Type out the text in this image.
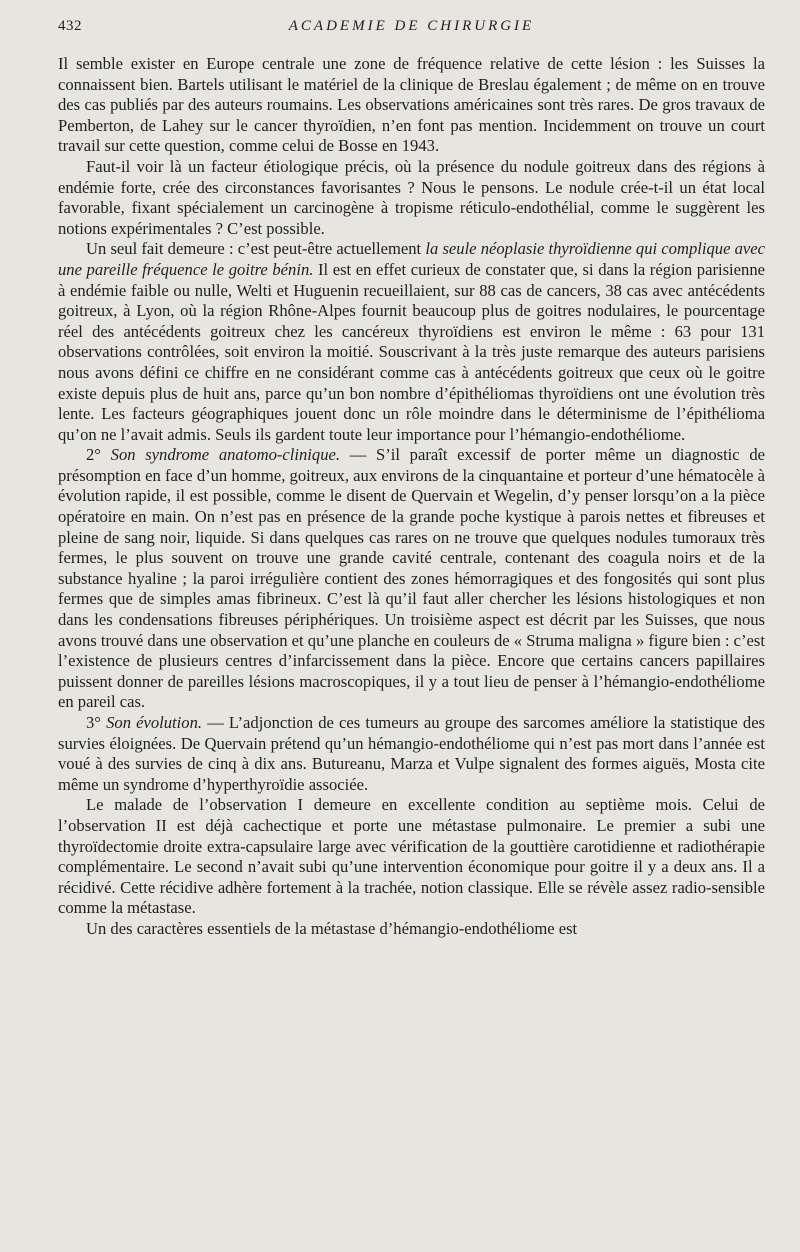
432	ACADEMIE DE CHIRURGIE

Il semble exister en Europe centrale une zone de fréquence relative de cette lésion : les Suisses la connaissent bien. Bartels utilisant le matériel de la clinique de Breslau également ; de même on en trouve des cas publiés par des auteurs roumains. Les observations américaines sont très rares. De gros travaux de Pemberton, de Lahey sur le cancer thyroïdien, n’en font pas mention. Incidemment on trouve un court travail sur cette question, comme celui de Bosse en 1943.

Faut-il voir là un facteur étiologique précis, où la présence du nodule goitreux dans des régions à endémie forte, crée des circonstances favorisantes ? Nous le pensons. Le nodule crée-t-il un état local favorable, fixant spécialement un carcinogène à tropisme réticulo-endothélial, comme le suggèrent les notions expérimentales ? C’est possible.

Un seul fait demeure : c’est peut-être actuellement la seule néoplasie thyroïdienne qui complique avec une pareille fréquence le goitre bénin. Il est en effet curieux de constater que, si dans la région parisienne à endémie faible ou nulle, Welti et Huguenin recueillaient, sur 88 cas de cancers, 38 cas avec antécédents goitreux, à Lyon, où la région Rhône-Alpes fournit beaucoup plus de goitres nodulaires, le pourcentage réel des antécédents goitreux chez les cancéreux thyroïdiens est environ le même : 63 pour 131 observations contrôlées, soit environ la moitié. Souscrivant à la très juste remarque des auteurs parisiens nous avons défini ce chiffre en ne considérant comme cas à antécédents goitreux que ceux où le goitre existe depuis plus de huit ans, parce qu’un bon nombre d’épithéliomas thyroïdiens ont une évolution très lente. Les facteurs géographiques jouent donc un rôle moindre dans le déterminisme de l’épithélioma qu’on ne l’avait admis. Seuls ils gardent toute leur importance pour l’hémangio-endothéliome.

2° Son syndrome anatomo-clinique. — S’il paraît excessif de porter même un diagnostic de présomption en face d’un homme, goitreux, aux environs de la cinquantaine et porteur d’une hématocèle à évolution rapide, il est possible, comme le disent de Quervain et Wegelin, d’y penser lorsqu’on a la pièce opératoire en main. On n’est pas en présence de la grande poche kystique à parois nettes et fibreuses et pleine de sang noir, liquide. Si dans quelques cas rares on ne trouve que quelques nodules tumoraux très fermes, le plus souvent on trouve une grande cavité centrale, contenant des coagula noirs et de la substance hyaline ; la paroi irrégulière contient des zones hémorragiques et des fongosités qui sont plus fermes que de simples amas fibrineux. C’est là qu’il faut aller chercher les lésions histologiques et non dans les condensations fibreuses périphériques. Un troisième aspect est décrit par les Suisses, que nous avons trouvé dans une observation et qu’une planche en couleurs de « Struma maligna » figure bien : c’est l’existence de plusieurs centres d’infarcissement dans la pièce. Encore que certains cancers papillaires puissent donner de pareilles lésions macroscopiques, il y a tout lieu de penser à l’hémangio-endothéliome en pareil cas.

3° Son évolution. — L’adjonction de ces tumeurs au groupe des sarcomes améliore la statistique des survies éloignées. De Quervain prétend qu’un hémangio-endothéliome qui n’est pas mort dans l’année est voué à des survies de cinq à dix ans. Butureanu, Marza et Vulpe signalent des formes aiguës, Mosta cite même un syndrome d’hyperthyroïdie associée.

Le malade de l’observation I demeure en excellente condition au septième mois. Celui de l’observation II est déjà cachectique et porte une métastase pulmonaire. Le premier a subi une thyroïdectomie droite extra-capsulaire large avec vérification de la gouttière carotidienne et radiothérapie complémentaire. Le second n’avait subi qu’une intervention économique pour goitre il y a deux ans. Il a récidivé. Cette récidive adhère fortement à la trachée, notion classique. Elle se révèle assez radio-sensible comme la métastase.

Un des caractères essentiels de la métastase d’hémangio-endothéliome est
